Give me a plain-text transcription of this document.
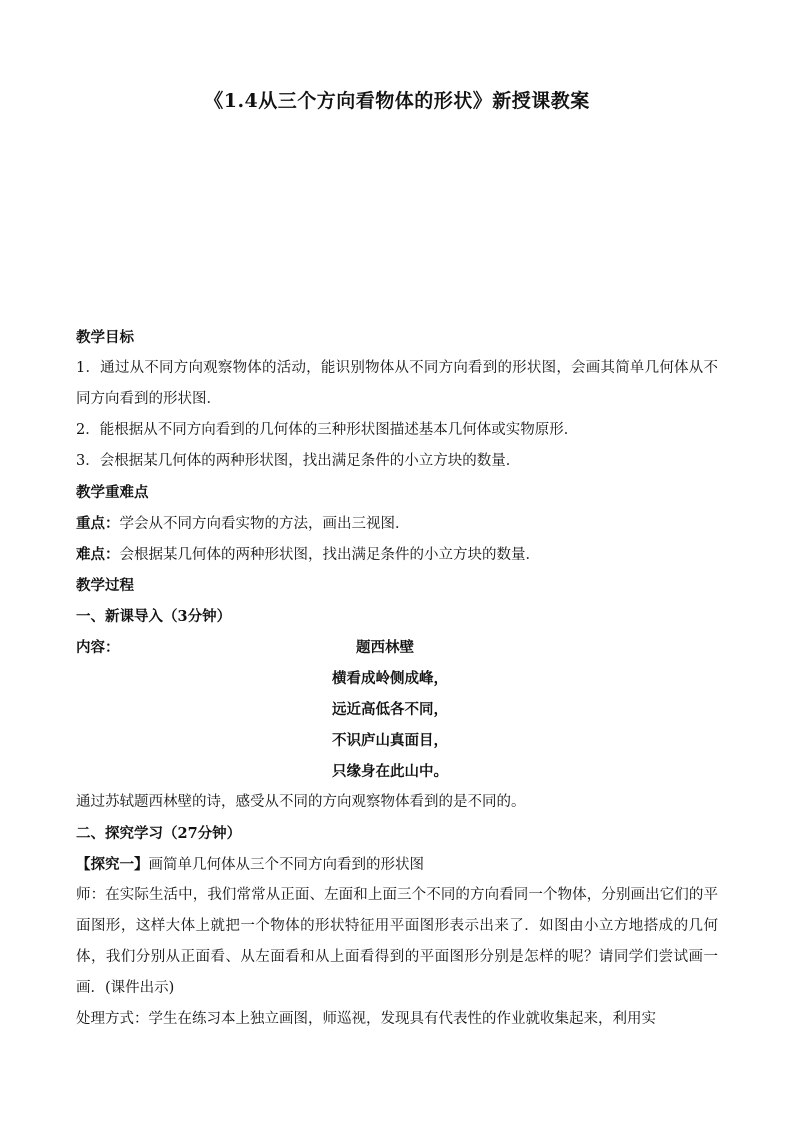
《1.4从三个方向看物体的形状》新授课教案
教学目标

1．通过从不同方向观察物体的活动，能识别物体从不同方向看到的形状图，会画其简单几何体从不同方向看到的形状图．

2．能根据从不同方向看到的几何体的三种形状图描述基本几何体或实物原形．
3．会根据某几何体的两种形状图，找出满足条件的小立方块的数量．
教学重难点
重点：学会从不同方向看实物的方法，画出三视图．
难点：会根据某几何体的两种形状图，找出满足条件的小立方块的数量．
教学过程
一、新课导入（3分钟）
内容：	题西林壁
横看成岭侧成峰，
远近高低各不同，
不识庐山真面目，
只缘身在此山中。
通过苏轼题西林壁的诗，感受从不同的方向观察物体看到的是不同的。
二、探究学习（27分钟）
【探究一】画简单几何体从三个不同方向看到的形状图

师：在实际生活中，我们常常从正面、左面和上面三个不同的方向看同一个物体，分别画出它们的平面图形，这样大体上就把一个物体的形状特征用平面图形表示出来了．如图由小立方地搭成的几何体，我们分别从正面看、从左面看和从上面看得到的平面图形分别是怎样的呢？请同学们尝试画一画．(课件出示)

处理方式：学生在练习本上独立画图，师巡视，发现具有代表性的作业就收集起来，利用实
